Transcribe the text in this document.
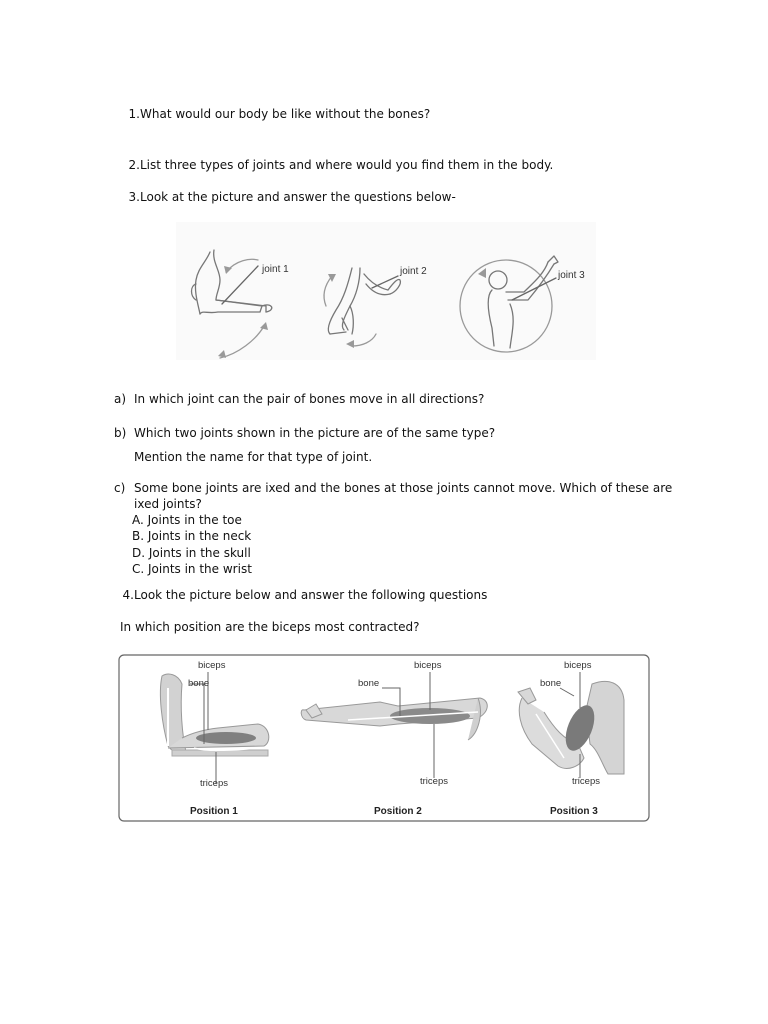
1. What would our body be like without the bones?
2. List three types of joints and where would you find them in the body.
3. Look at the picture and answer the questions below-
joint 1	joint 2	joint 3
a) In which joint can the pair of bones move in all directions?
b) Which two joints shown in the picture are of the same type?
Mention the name for that type of joint.
c) Some bone joints are ixed and the bones at those joints cannot move. Which of these are
ixed joints?
A. Joints in the toe
B. Joints in the neck
D. Joints in the skull
C. Joints in the wrist
4. Look the picture below and answer the following questions
In which position are the biceps most contracted?
biceps
bone
triceps
Position 1
biceps
bone
triceps
Position 2
biceps
bone
triceps
Position 3
